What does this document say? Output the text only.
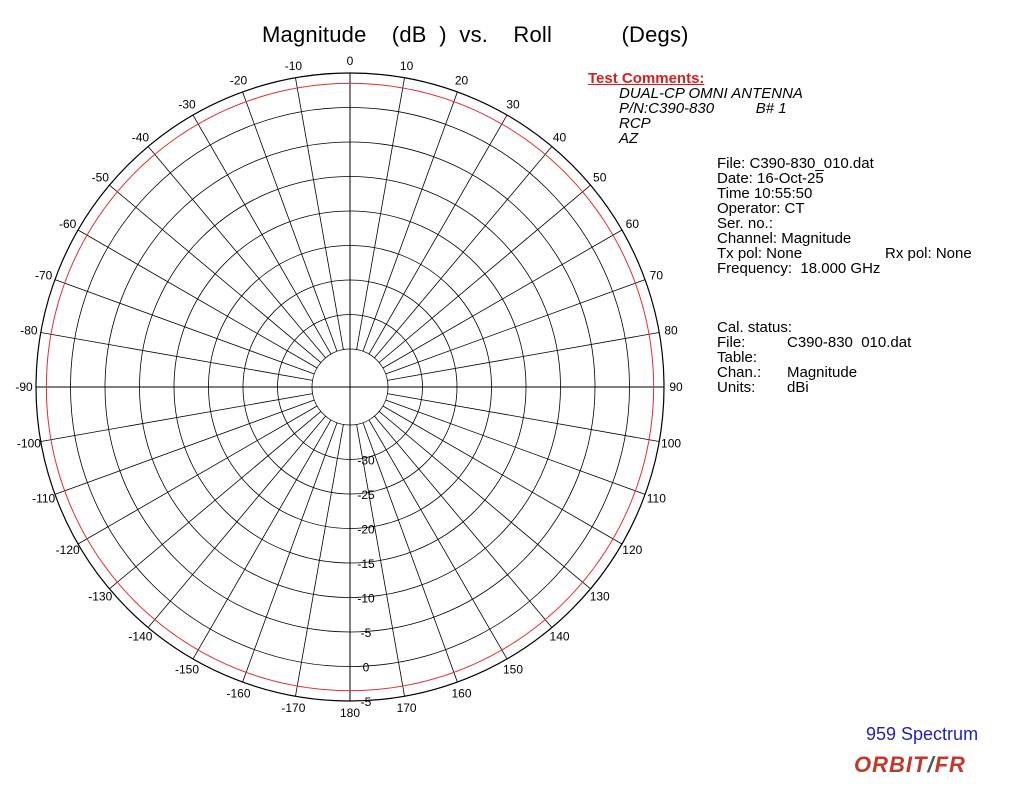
Magnitude    (dB  )  vs.    Roll           (Degs)
-30
-25
-20
-15
-10
-5
0
-5
0	10
20
30
40
50
60
70
80
90
100
110
120
130
140
150
160
170
180
-170
-160
-150
-140
-130
-120
-110
-100
-90
-80
-70
-60
-50
-40
-30
-20
-10
Test Comments:
DUAL-CP OMNI ANTENNA
P/N:C390-830          B# 1
RCP
AZ
File: C390-830_010.dat
Date: 16-Oct-25
Time 10:55:50
Operator: CT
Ser. no.:
Channel: Magnitude
Tx pol: None	Rx pol: None
Frequency:  18.000 GHz
Cal. status:
File:	C390-830  010.dat
Table:
Chan.: Magnitude
Units: dBi
959 Spectrum
ORBIT/FR
